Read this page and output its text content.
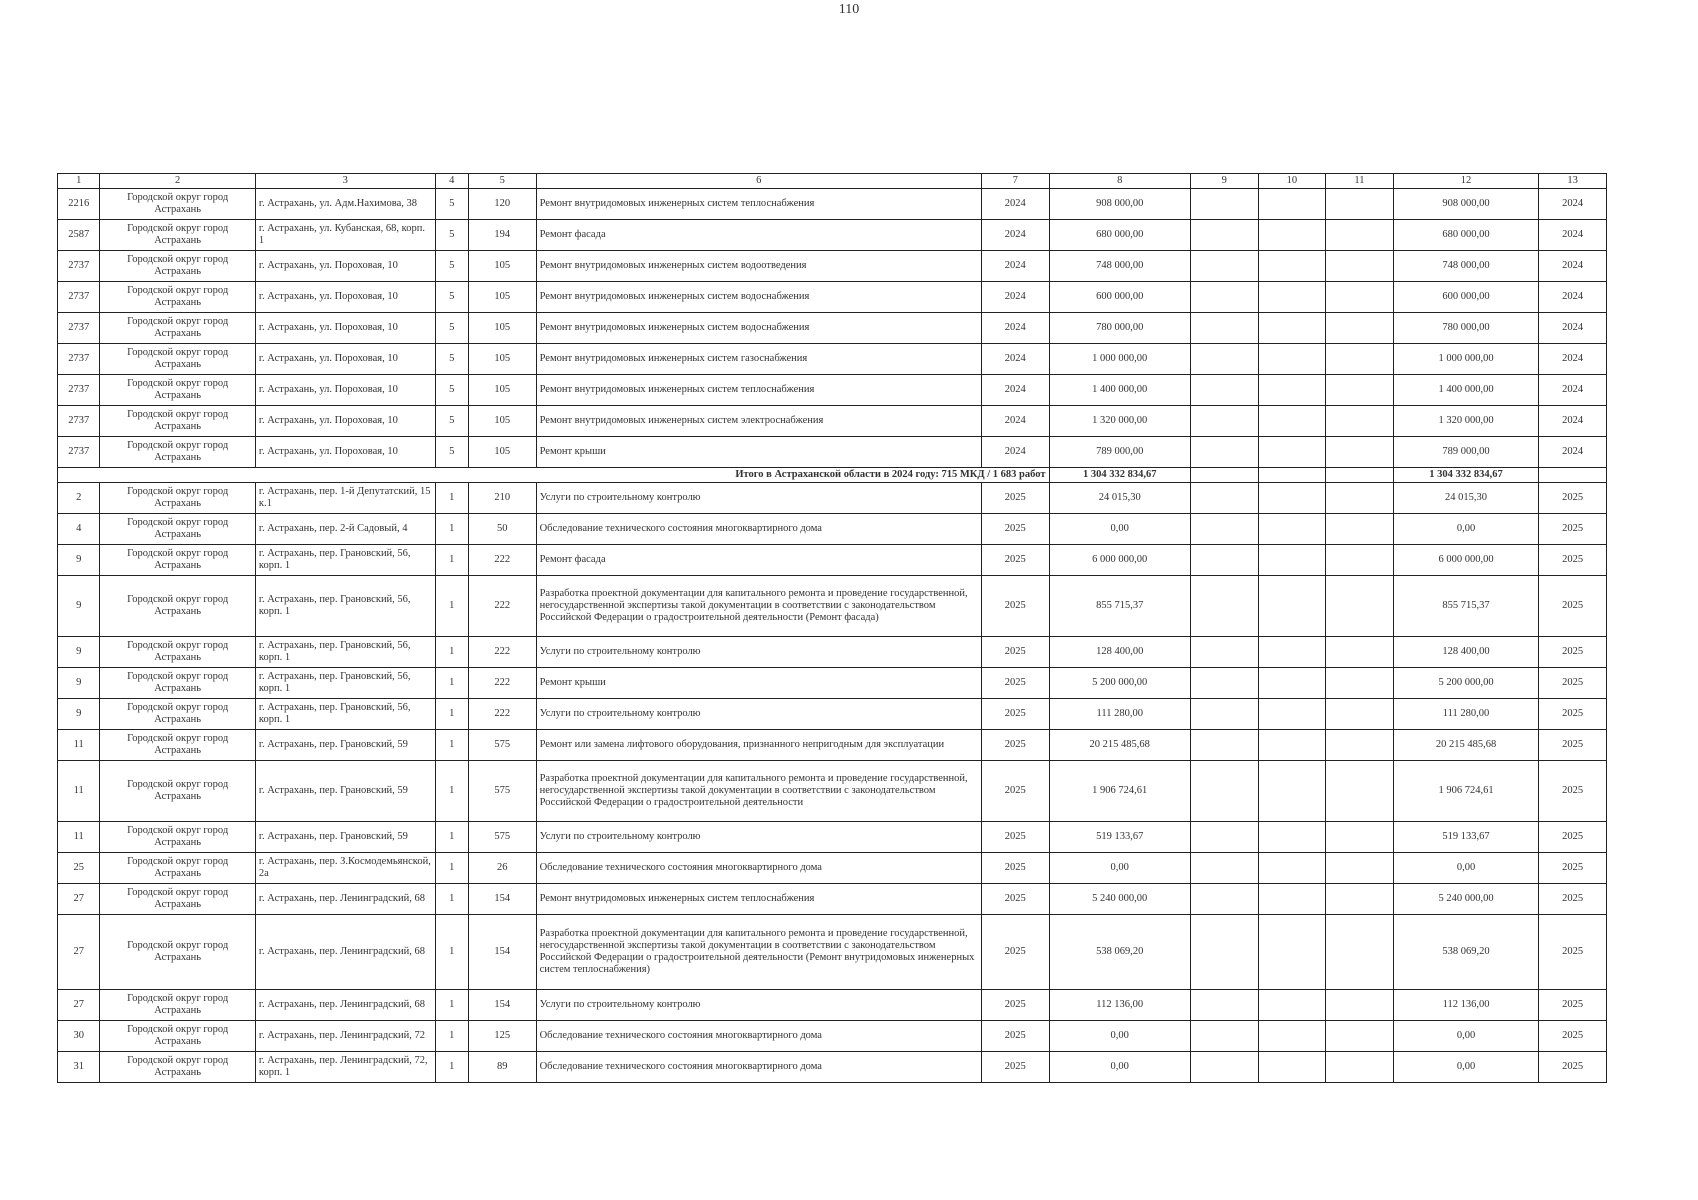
110
1	2	3	4	5	6	7	8	9	10	11	12	13
2216	Городской округ город Астрахань	г. Астрахань, ул. Адм.Нахимова, 38	5	120	Ремонт внутридомовых инженерных систем теплоснабжения	2024	908 000,00				908 000,00	2024
2587	Городской округ город Астрахань	г. Астрахань, ул. Кубанская, 68, корп. 1	5	194	Ремонт фасада	2024	680 000,00				680 000,00	2024
2737	Городской округ город Астрахань	г. Астрахань, ул. Пороховая, 10	5	105	Ремонт внутридомовых инженерных систем водоотведения	2024	748 000,00				748 000,00	2024
2737	Городской округ город Астрахань	г. Астрахань, ул. Пороховая, 10	5	105	Ремонт внутридомовых инженерных систем водоснабжения	2024	600 000,00				600 000,00	2024
2737	Городской округ город Астрахань	г. Астрахань, ул. Пороховая, 10	5	105	Ремонт внутридомовых инженерных систем водоснабжения	2024	780 000,00				780 000,00	2024
2737	Городской округ город Астрахань	г. Астрахань, ул. Пороховая, 10	5	105	Ремонт внутридомовых инженерных систем газоснабжения	2024	1 000 000,00				1 000 000,00	2024
2737	Городской округ город Астрахань	г. Астрахань, ул. Пороховая, 10	5	105	Ремонт внутридомовых инженерных систем теплоснабжения	2024	1 400 000,00				1 400 000,00	2024
2737	Городской округ город Астрахань	г. Астрахань, ул. Пороховая, 10	5	105	Ремонт внутридомовых инженерных систем электроснабжения	2024	1 320 000,00				1 320 000,00	2024
2737	Городской округ город Астрахань	г. Астрахань, ул. Пороховая, 10	5	105	Ремонт крыши	2024	789 000,00				789 000,00	2024
Итого в Астраханской области в 2024 году: 715 МКД / 1 683 работ							1 304 332 834,67				1 304 332 834,67	
2	Городской округ город Астрахань	г. Астрахань, пер. 1-й Депутатский, 15 к.1	1	210	Услуги по строительному контролю	2025	24 015,30				24 015,30	2025
4	Городской округ город Астрахань	г. Астрахань, пер. 2-й Садовый, 4	1	50	Обследование технического состояния многоквартирного дома	2025	0,00				0,00	2025
9	Городской округ город Астрахань	г. Астрахань, пер. Грановский, 56, корп. 1	1	222	Ремонт фасада	2025	6 000 000,00				6 000 000,00	2025
9	Городской округ город Астрахань	г. Астрахань, пер. Грановский, 56, корп. 1	1	222	Разработка проектной документации для капитального ремонта и проведение государственной, негосударственной экспертизы такой документации в соответствии с законодательством Российской Федерации о градостроительной деятельности (Ремонт фасада)	2025	855 715,37				855 715,37	2025
9	Городской округ город Астрахань	г. Астрахань, пер. Грановский, 56, корп. 1	1	222	Услуги по строительному контролю	2025	128 400,00				128 400,00	2025
9	Городской округ город Астрахань	г. Астрахань, пер. Грановский, 56, корп. 1	1	222	Ремонт крыши	2025	5 200 000,00				5 200 000,00	2025
9	Городской округ город Астрахань	г. Астрахань, пер. Грановский, 56, корп. 1	1	222	Услуги по строительному контролю	2025	111 280,00				111 280,00	2025
11	Городской округ город Астрахань	г. Астрахань, пер. Грановский, 59	1	575	Ремонт или замена лифтового оборудования, признанного непригодным для эксплуатации	2025	20 215 485,68				20 215 485,68	2025
11	Городской округ город Астрахань	г. Астрахань, пер. Грановский, 59	1	575	Разработка проектной документации для капитального ремонта и проведение государственной, негосударственной экспертизы такой документации в соответствии с законодательством Российской Федерации о градостроительной деятельности	2025	1 906 724,61				1 906 724,61	2025
11	Городской округ город Астрахань	г. Астрахань, пер. Грановский, 59	1	575	Услуги по строительному контролю	2025	519 133,67				519 133,67	2025
25	Городской округ город Астрахань	г. Астрахань, пер. З.Космодемьянской, 2а	1	26	Обследование технического состояния многоквартирного дома	2025	0,00				0,00	2025
27	Городской округ город Астрахань	г. Астрахань, пер. Ленинградский, 68	1	154	Ремонт внутридомовых инженерных систем теплоснабжения	2025	5 240 000,00				5 240 000,00	2025
27	Городской округ город Астрахань	г. Астрахань, пер. Ленинградский, 68	1	154	Разработка проектной документации для капитального ремонта и проведение государственной, негосударственной экспертизы такой документации в соответствии с законодательством Российской Федерации о градостроительной деятельности (Ремонт внутридомовых инженерных систем теплоснабжения)	2025	538 069,20				538 069,20	2025
27	Городской округ город Астрахань	г. Астрахань, пер. Ленинградский, 68	1	154	Услуги по строительному контролю	2025	112 136,00				112 136,00	2025
30	Городской округ город Астрахань	г. Астрахань, пер. Ленинградский, 72	1	125	Обследование технического состояния многоквартирного дома	2025	0,00				0,00	2025
31	Городской округ город Астрахань	г. Астрахань, пер. Ленинградский, 72, корп. 1	1	89	Обследование технического состояния многоквартирного дома	2025	0,00				0,00	2025
